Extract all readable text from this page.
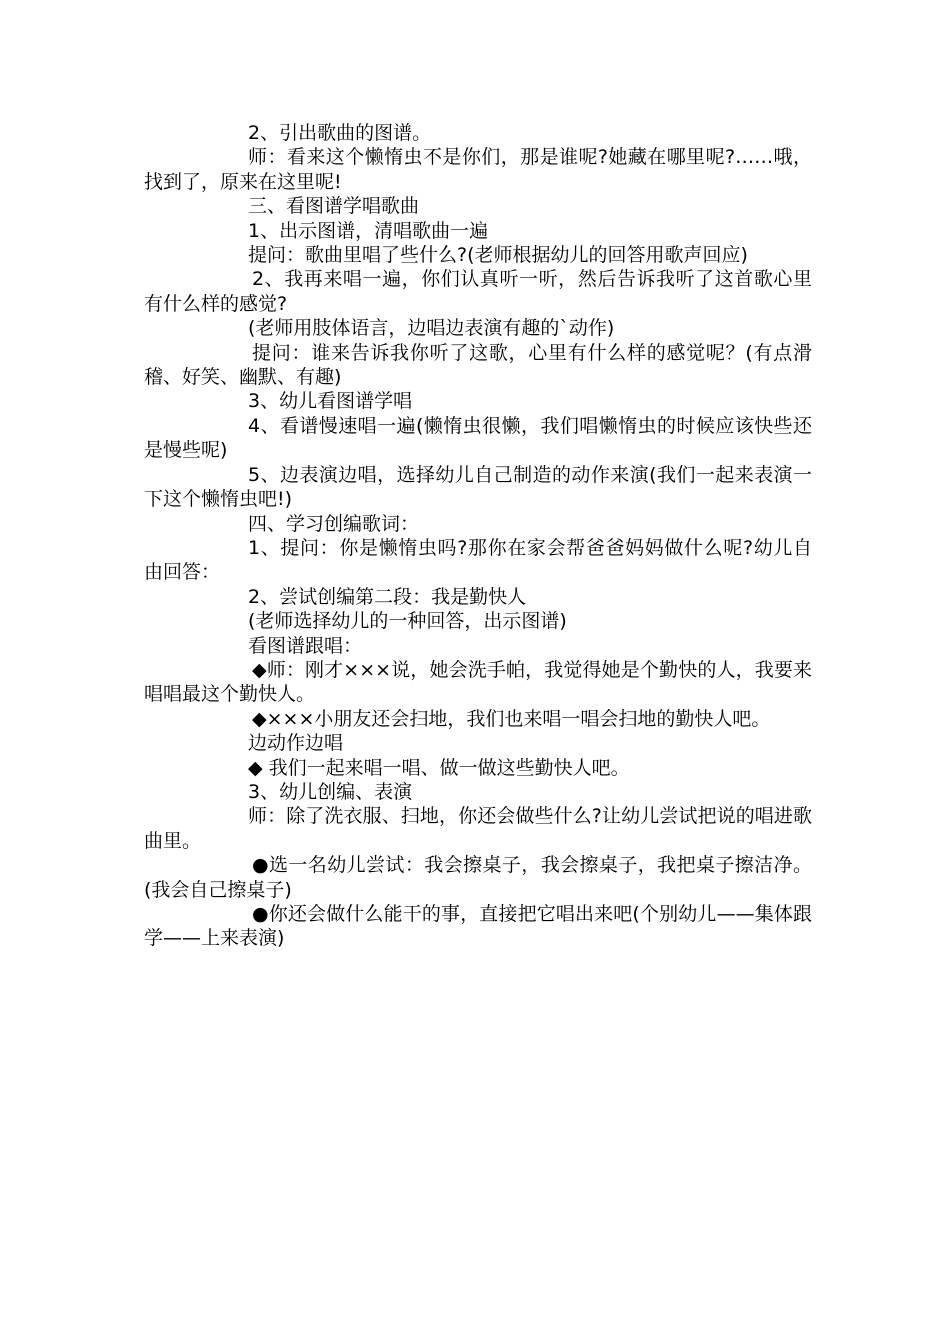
2、引出歌曲的图谱。

师：看来这个懒惰虫不是你们，那是谁呢?她藏在哪里呢?……哦，找到了，原来在这里呢!

三、看图谱学唱歌曲

1、出示图谱，清唱歌曲一遍

提问：歌曲里唱了些什么?(老师根据幼儿的回答用歌声回应)

2、我再来唱一遍，你们认真听一听，然后告诉我听了这首歌心里有什么样的感觉?

(老师用肢体语言，边唱边表演有趣的`动作)

提问：谁来告诉我你听了这歌，心里有什么样的感觉呢？(有点滑稽、好笑、幽默、有趣)

3、幼儿看图谱学唱

4、看谱慢速唱一遍(懒惰虫很懒，我们唱懒惰虫的时候应该快些还是慢些呢)

5、边表演边唱，选择幼儿自己制造的动作来演(我们一起来表演一下这个懒惰虫吧!)

四、学习创编歌词：

1、提问：你是懒惰虫吗?那你在家会帮爸爸妈妈做什么呢?幼儿自由回答：

2、尝试创编第二段：我是勤快人

(老师选择幼儿的一种回答，出示图谱)

看图谱跟唱：

◆师：刚才×××说，她会洗手帕，我觉得她是个勤快的人，我要来唱唱最这个勤快人。

◆×××小朋友还会扫地，我们也来唱一唱会扫地的勤快人吧。

边动作边唱

◆ 我们一起来唱一唱、做一做这些勤快人吧。

3、幼儿创编、表演

师：除了洗衣服、扫地，你还会做些什么?让幼儿尝试把说的唱进歌曲里。

●选一名幼儿尝试：我会擦桌子，我会擦桌子，我把桌子擦洁净。(我会自己擦桌子)

●你还会做什么能干的事，直接把它唱出来吧(个别幼儿——集体跟学——上来表演)
